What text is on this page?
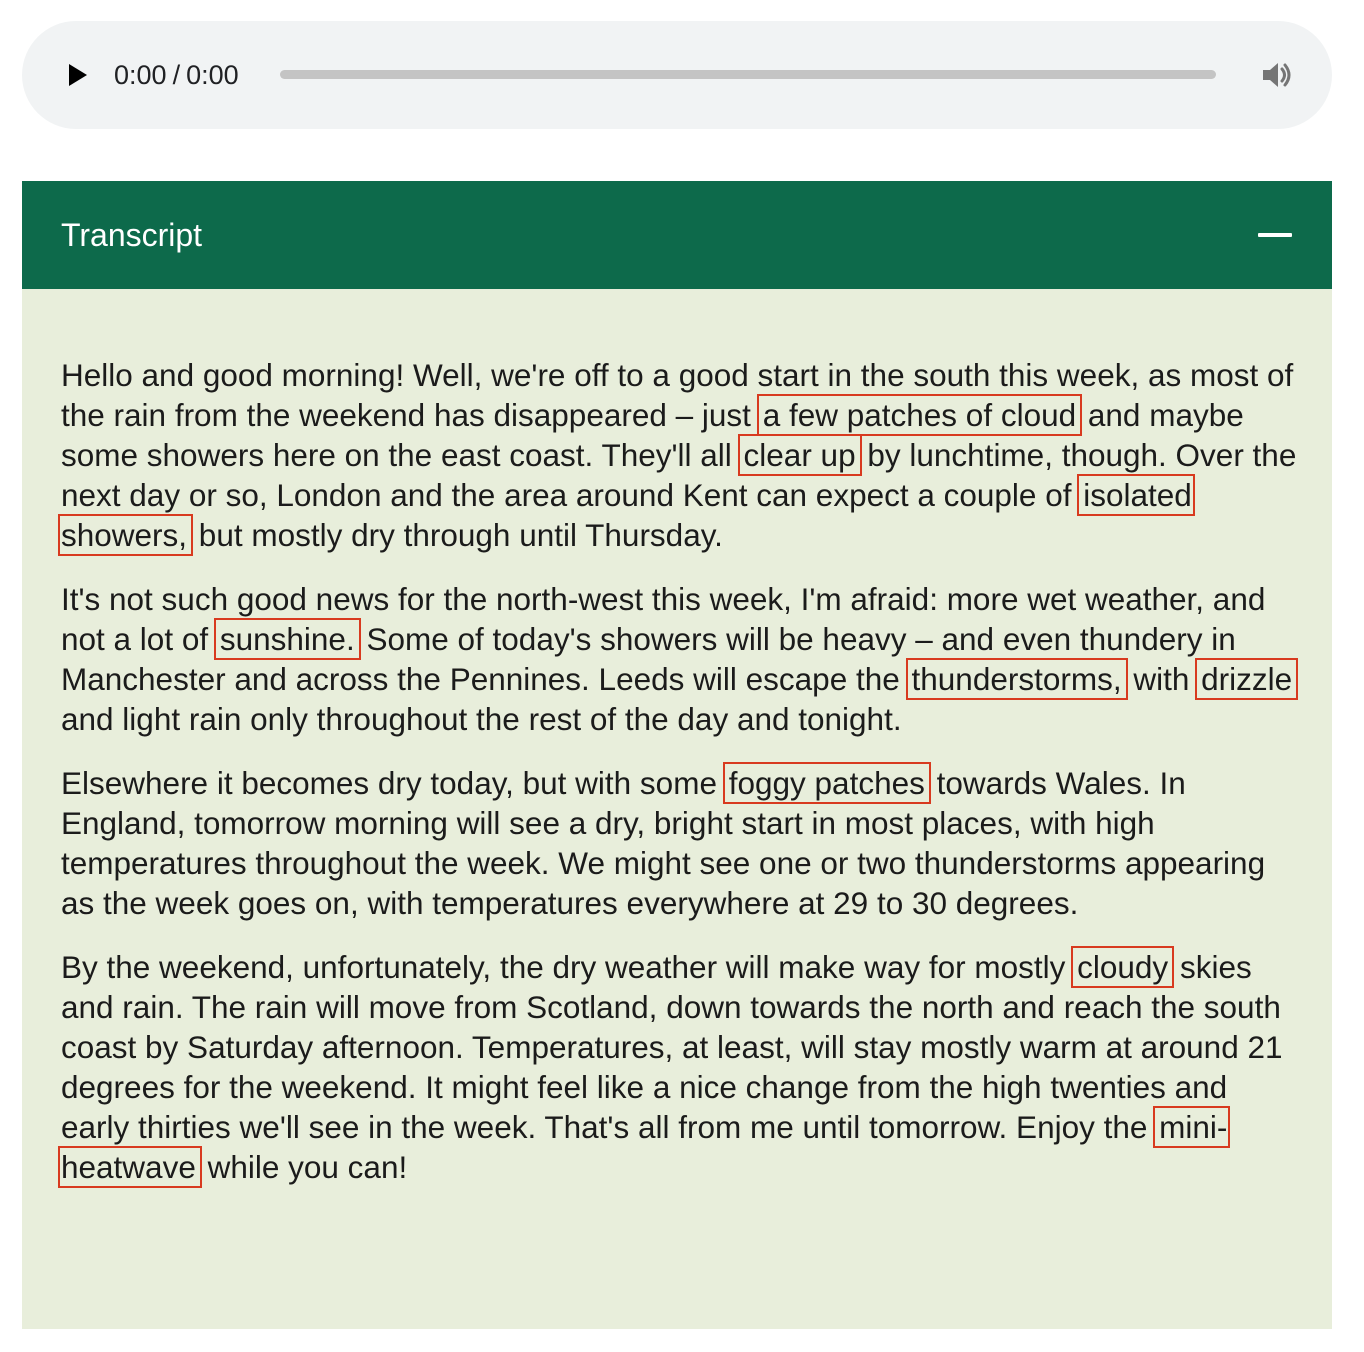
0:00 / 0:00
Transcript

Hello and good morning! Well, we're off to a good start in the south this week, as most of the rain from the weekend has disappeared – just a few patches of cloud and maybe some showers here on the east coast. They'll all clear up by lunchtime, though. Over the next day or so, London and the area around Kent can expect a couple of isolated showers, but mostly dry through until Thursday.

It's not such good news for the north-west this week, I'm afraid: more wet weather, and not a lot of sunshine. Some of today's showers will be heavy – and even thundery in Manchester and across the Pennines. Leeds will escape the thunderstorms, with drizzle and light rain only throughout the rest of the day and tonight.

Elsewhere it becomes dry today, but with some foggy patches towards Wales. In England, tomorrow morning will see a dry, bright start in most places, with high temperatures throughout the week. We might see one or two thunderstorms appearing as the week goes on, with temperatures everywhere at 29 to 30 degrees.

By the weekend, unfortunately, the dry weather will make way for mostly cloudy skies and rain. The rain will move from Scotland, down towards the north and reach the south coast by Saturday afternoon. Temperatures, at least, will stay mostly warm at around 21 degrees for the weekend. It might feel like a nice change from the high twenties and early thirties we'll see in the week. That's all from me until tomorrow. Enjoy the mini-heatwave while you can!
